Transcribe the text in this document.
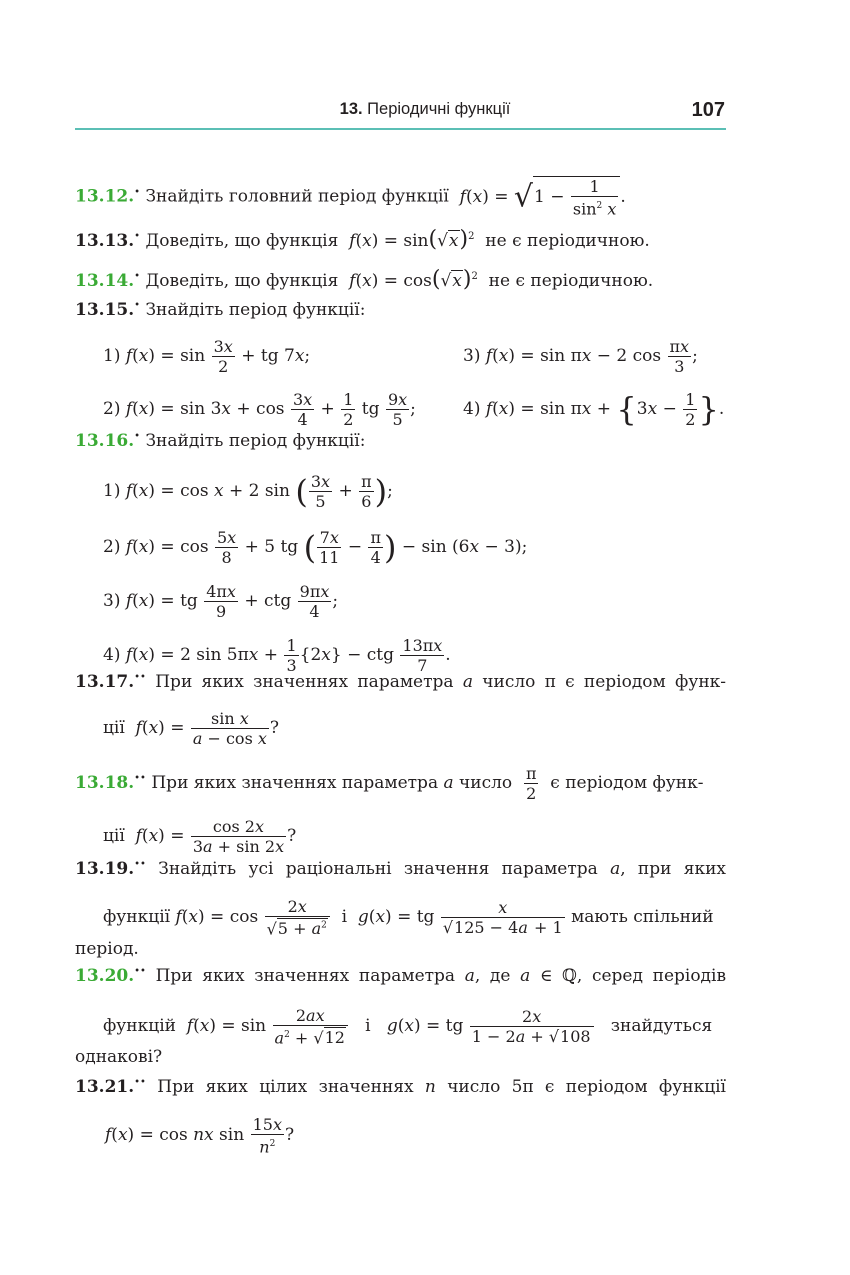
13. Періодичні функції	107
13.12.• Знайдіть головний період функції $f(x) = √1 - \frac{1}{\sin^2 x}$ .
13.13.• Доведіть, що функція $f(x) = \sin(√x)^2$ не є періодичною.
13.14.• Доведіть, що функція $f(x) = \cos(√x)^2$ не є періодичною.
13.15.• Знайдіть період функції:
1) $f(x) = \sin \frac{3x}{2}$ + tg 7x;	3) f(x) = sin πx − 2 $\cos \frac{\pi x}{3}$ ;
2) $f(x) = \sin 3x + \cos \frac{3x}{4} + \frac{1}{2}$ tg $\frac{9x}{5}$ ;	4) $f(x) = \sin \pi x + \{3x - \frac{1}{2}$ }.
13.16.• Знайдіть період функції:
1) f(x) = cos x + 2 sin ( $\frac{3x}{5} + \frac{\pi}{6}$ );
2) $f(x) = \cos \frac{5x}{8} + 5$ tg ( $\frac{7x}{11} - \frac{\pi}{4}$ ) − sin (6x − 3);
3) f(x) = tg $\frac{4\pi x}{9}$ + ctg $\frac{9\pi x}{4}$ ;
4) f(x) = 2 $\sin 5\pi x + \frac{1}{3} \{2x\}$ − ctg $\frac{13\pi x}{7}$ .
13.17.•• При яких значеннях параметра a число π є періодом функ-
ції $f(x) = \frac{\text{sin x}}{\text{a − cos x}}$ ?
13.18.•• При яких значеннях параметра a число $\frac{\pi}{2}$ є періодом функ-
ції $f(x) = \frac{\cos 2x}{3a + \sin 2x}$ ?
13.19.•• Знайдіть усі раціональні значення параметра a, при яких
функції $f(x) = \cos \frac{2x}{√5 + a^2}$ і g(x) = tg $\frac{x}{√125 - 4a + 1}$ мають спільний
період.
13.20.•• При яких значеннях параметра a, де a ∈ ℚ, серед періодів
функцій $f(x) = \sin \frac{2ax}{a^2 + √12}$ і g(x) = tg $\frac{2x}{1 - 2a + √108}$ знайдуться
однакові?
13.21.•• При яких цілих значеннях n число 5π є періодом функції
f(x) = cos nx $\sin \frac{15x}{n^2}$ ?
